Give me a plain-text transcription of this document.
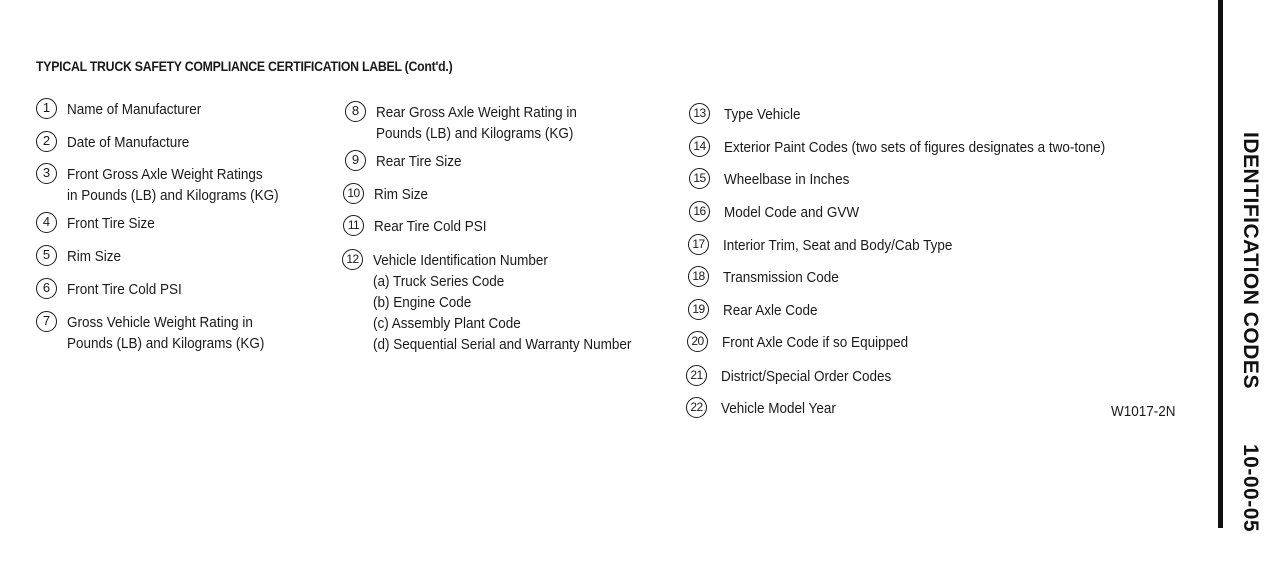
TYPICAL TRUCK SAFETY COMPLIANCE CERTIFICATION LABEL (Cont'd.)
1	Name of Manufacturer
2	Date of Manufacture
3	Front Gross Axle Weight Ratings
in Pounds (LB) and Kilograms (KG)
4	Front Tire Size
5	Rim Size
6	Front Tire Cold PSI
7	Gross Vehicle Weight Rating in
Pounds (LB) and Kilograms (KG)
8	Rear Gross Axle Weight Rating in
Pounds (LB) and Kilograms (KG)
9	Rear Tire Size
10 Rim Size
11 Rear Tire Cold PSI
12 Vehicle Identification Number
(a) Truck Series Code
(b) Engine Code
(c) Assembly Plant Code
(d) Sequential Serial and Warranty Number
13 Type Vehicle
14 Exterior Paint Codes (two sets of figures designates a two-tone)
15 Wheelbase in Inches
16 Model Code and GVW
17 Interior Trim, Seat and Body/Cab Type
18 Transmission Code
19 Rear Axle Code
20 Front Axle Code if so Equipped
21 District/Special Order Codes
22 Vehicle Model Year	W1017-2N
IDENTIFICATION CODES
10-00-05
